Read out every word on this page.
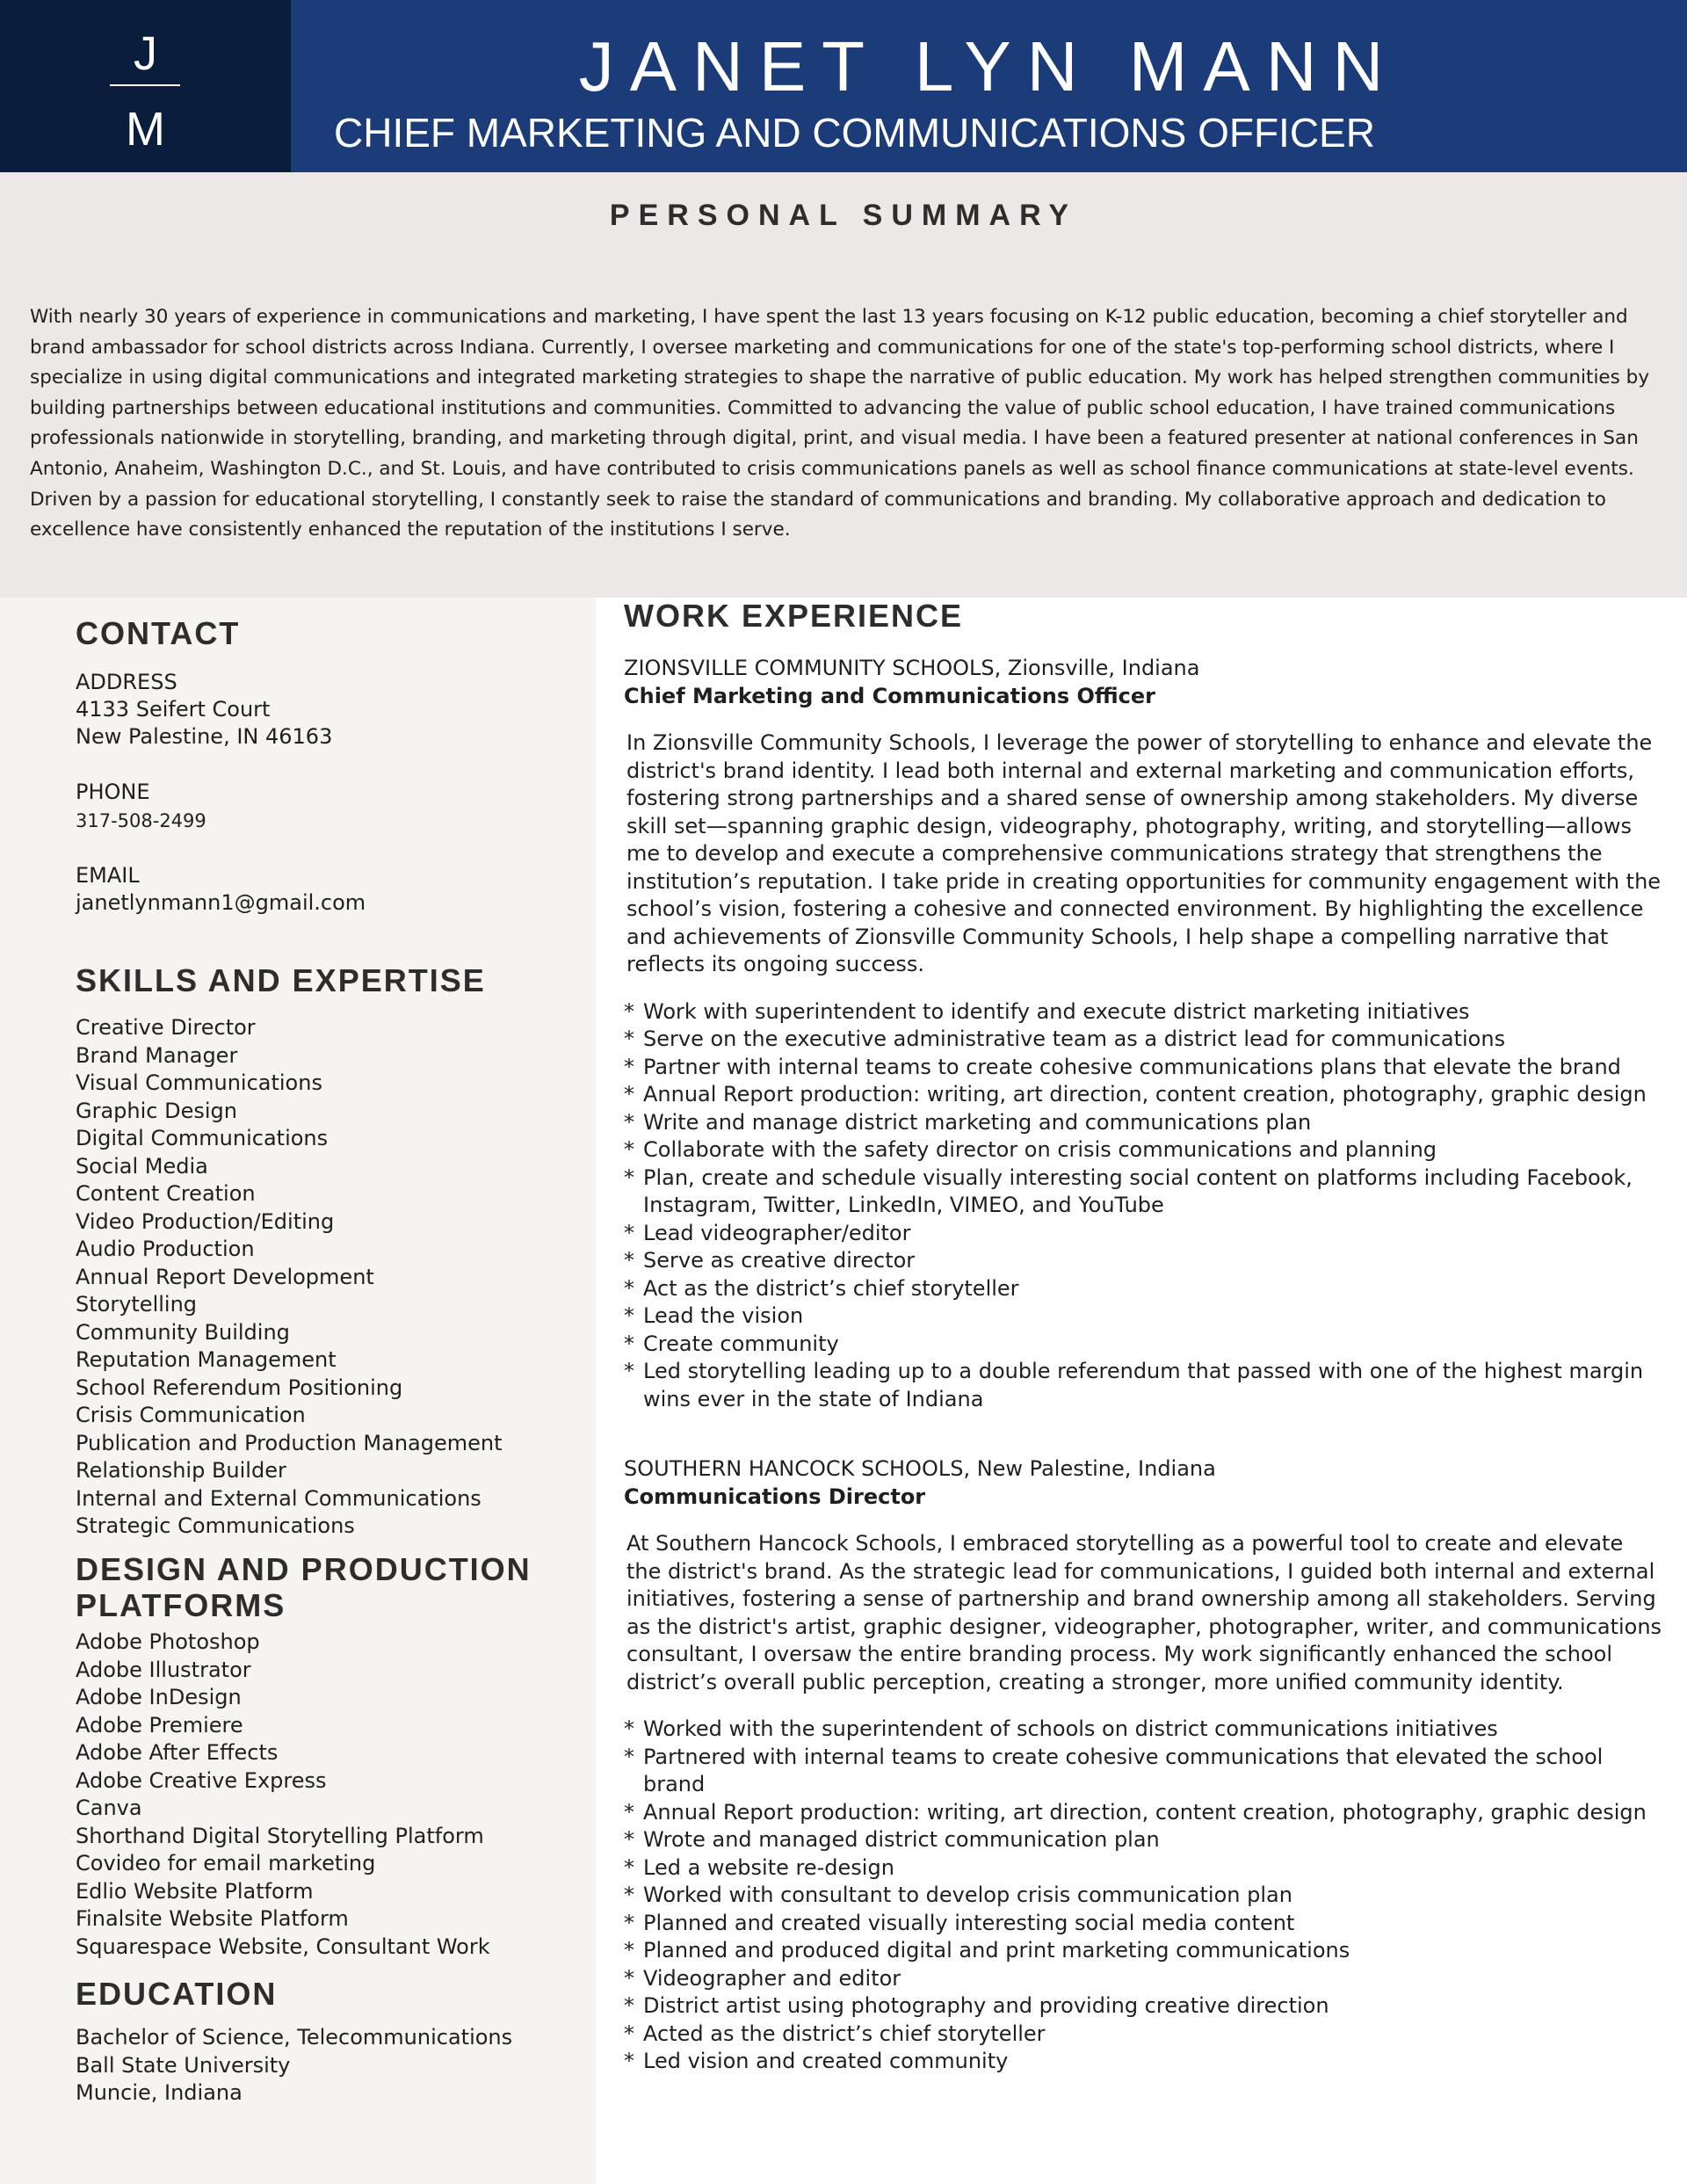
J
M
JANET LYN MANN
CHIEF MARKETING AND COMMUNICATIONS OFFICER
PERSONAL SUMMARY

With nearly 30 years of experience in communications and marketing, I have spent the last 13 years focusing on K-12 public education, becoming a chief storyteller and brand ambassador for school districts across Indiana. Currently, I oversee marketing and communications for one of the state's top-performing school districts, where I specialize in using digital communications and integrated marketing strategies to shape the narrative of public education. My work has helped strengthen communities by building partnerships between educational institutions and communities. Committed to advancing the value of public school education, I have trained communications professionals nationwide in storytelling, branding, and marketing through digital, print, and visual media. I have been a featured presenter at national conferences in San Antonio, Anaheim, Washington D.C., and St. Louis, and have contributed to crisis communications panels as well as school finance communications at state-level events. Driven by a passion for educational storytelling, I constantly seek to raise the standard of communications and branding. My collaborative approach and dedication to excellence have consistently enhanced the reputation of the institutions I serve.

CONTACT
ADDRESS
4133 Seifert Court
New Palestine, IN 46163
PHONE
317-508-2499
EMAIL
janetlynmann1@gmail.com
SKILLS AND EXPERTISE
Creative Director
Brand Manager
Visual Communications
Graphic Design
Digital Communications
Social Media
Content Creation
Video Production/Editing
Audio Production
Annual Report Development
Storytelling
Community Building
Reputation Management
School Referendum Positioning
Crisis Communication
Publication and Production Management
Relationship Builder
Internal and External Communications
Strategic Communications
DESIGN AND PRODUCTION
PLATFORMS
Adobe Photoshop
Adobe Illustrator
Adobe InDesign
Adobe Premiere
Adobe After Effects
Adobe Creative Express
Canva
Shorthand Digital Storytelling Platform
Covideo for email marketing
Edlio Website Platform
Finalsite Website Platform
Squarespace Website, Consultant Work
EDUCATION
Bachelor of Science, Telecommunications
Ball State University
Muncie, Indiana
WORK EXPERIENCE
ZIONSVILLE COMMUNITY SCHOOLS, Zionsville, Indiana
Chief Marketing and Communications Officer

In Zionsville Community Schools, I leverage the power of storytelling to enhance and elevate the district's brand identity. I lead both internal and external marketing and communication efforts, fostering strong partnerships and a shared sense of ownership among stakeholders. My diverse skill set—spanning graphic design, videography, photography, writing, and storytelling—allows me to develop and execute a comprehensive communications strategy that strengthens the institution’s reputation. I take pride in creating opportunities for community engagement with the school’s vision, fostering a cohesive and connected environment. By highlighting the excellence and achievements of Zionsville Community Schools, I help shape a compelling narrative that reflects its ongoing success.

* Work with superintendent to identify and execute district marketing initiatives
* Serve on the executive administrative team as a district lead for communications
* Partner with internal teams to create cohesive communications plans that elevate the brand
* Annual Report production: writing, art direction, content creation, photography, graphic design
* Write and manage district marketing and communications plan
* Collaborate with the safety director on crisis communications and planning
* Plan, create and schedule visually interesting social content on platforms including Facebook, Instagram, Twitter, LinkedIn, VIMEO, and YouTube
* Lead videographer/editor
* Serve as creative director
* Act as the district’s chief storyteller
* Lead the vision
* Create community
* Led storytelling leading up to a double referendum that passed with one of the highest margin wins ever in the state of Indiana
SOUTHERN HANCOCK SCHOOLS, New Palestine, Indiana
Communications Director

At Southern Hancock Schools, I embraced storytelling as a powerful tool to create and elevate the district's brand. As the strategic lead for communications, I guided both internal and external initiatives, fostering a sense of partnership and brand ownership among all stakeholders. Serving as the district's artist, graphic designer, videographer, photographer, writer, and communications consultant, I oversaw the entire branding process. My work significantly enhanced the school district’s overall public perception, creating a stronger, more unified community identity.

* Worked with the superintendent of schools on district communications initiatives
* Partnered with internal teams to create cohesive communications that elevated the school brand
* Annual Report production: writing, art direction, content creation, photography, graphic design
* Wrote and managed district communication plan
* Led a website re-design
* Worked with consultant to develop crisis communication plan
* Planned and created visually interesting social media content
* Planned and produced digital and print marketing communications
* Videographer and editor
* District artist using photography and providing creative direction
* Acted as the district’s chief storyteller
* Led vision and created community
